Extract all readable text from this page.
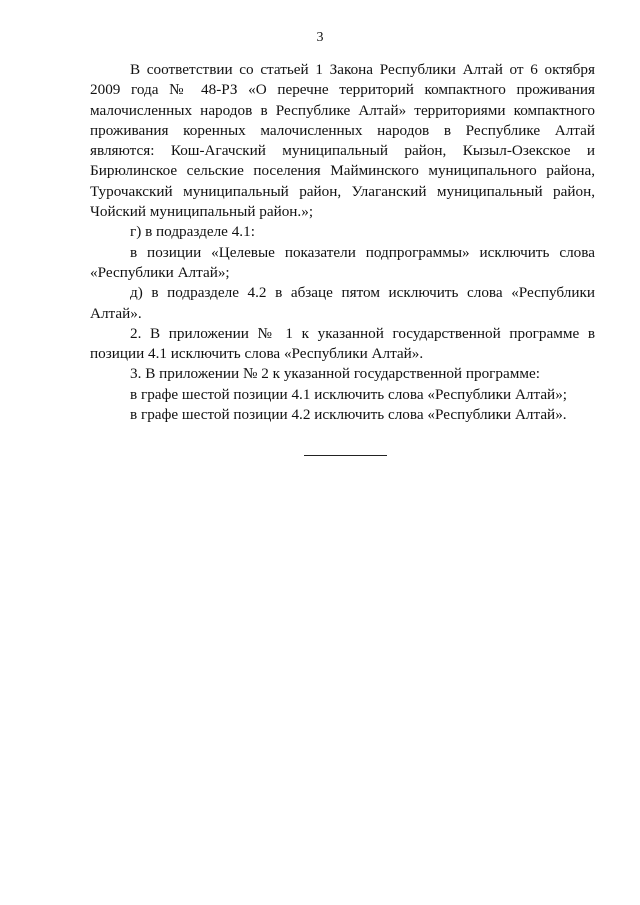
3

В соответствии со статьей 1 Закона Республики Алтай от 6 октября 2009 года № 48-РЗ «О перечне территорий компактного проживания малочисленных народов в Республике Алтай» территориями компактного проживания коренных малочисленных народов в Республике Алтай являются: Кош-Агачский муниципальный район, Кызыл-Озекское и Бирюлинское сельские поселения Майминского муниципального района, Турочакский муниципальный район, Улаганский муниципальный район, Чойский муниципальный район.»;

г) в подразделе 4.1:

в позиции «Целевые показатели подпрограммы» исключить слова «Республики Алтай»;

д) в подразделе 4.2 в абзаце пятом исключить слова «Республики Алтай».

2. В приложении № 1 к указанной государственной программе в позиции 4.1 исключить слова «Республики Алтай».

3. В приложении № 2 к указанной государственной программе:

в графе шестой позиции 4.1 исключить слова «Республики Алтай»;

в графе шестой позиции 4.2 исключить слова «Республики Алтай».
